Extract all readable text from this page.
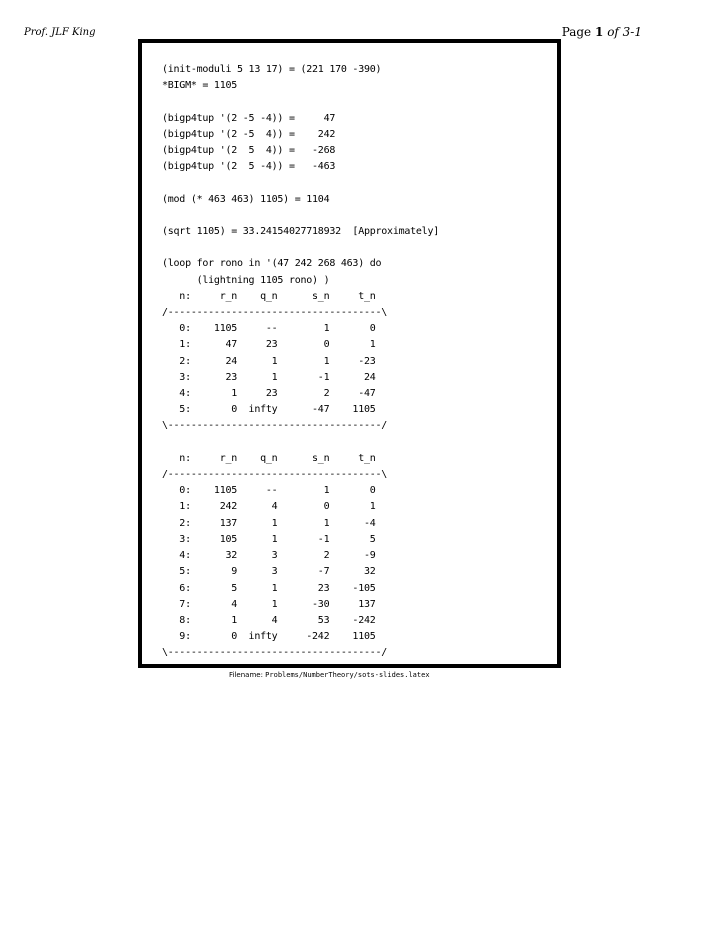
Prof. JLF King	Page 1 of 3-1
(init-moduli 5 13 17) = (221 170 -390)
*BIGM* = 1105

(bigp4tup '(2 -5 -4)) =     47
(bigp4tup '(2 -5  4)) =    242
(bigp4tup '(2  5  4)) =   -268
(bigp4tup '(2  5 -4)) =   -463

(mod (* 463 463) 1105) = 1104

(sqrt 1105) = 33.24154027718932  [Approximately]

(loop for rono in '(47 242 268 463) do
(lightning 1105 rono) )
n:     r_n    q_n      s_n     t_n
/-------------------------------------\
0:    1105     --        1       0
1:      47     23        0       1
2:      24      1        1     -23
3:      23      1       -1      24
4:       1     23        2     -47
5:       0  infty      -47    1105
\-------------------------------------/

n:     r_n    q_n      s_n     t_n
/-------------------------------------\
0:    1105     --        1       0
1:     242      4        0       1
2:     137      1        1      -4
3:     105      1       -1       5
4:      32      3        2      -9
5:       9      3       -7      32
6:       5      1       23    -105
7:       4      1      -30     137
8:       1      4       53    -242
9:       0  infty     -242    1105
\-------------------------------------/

Filename: Problems/NumberTheory/sots-slides.latex
